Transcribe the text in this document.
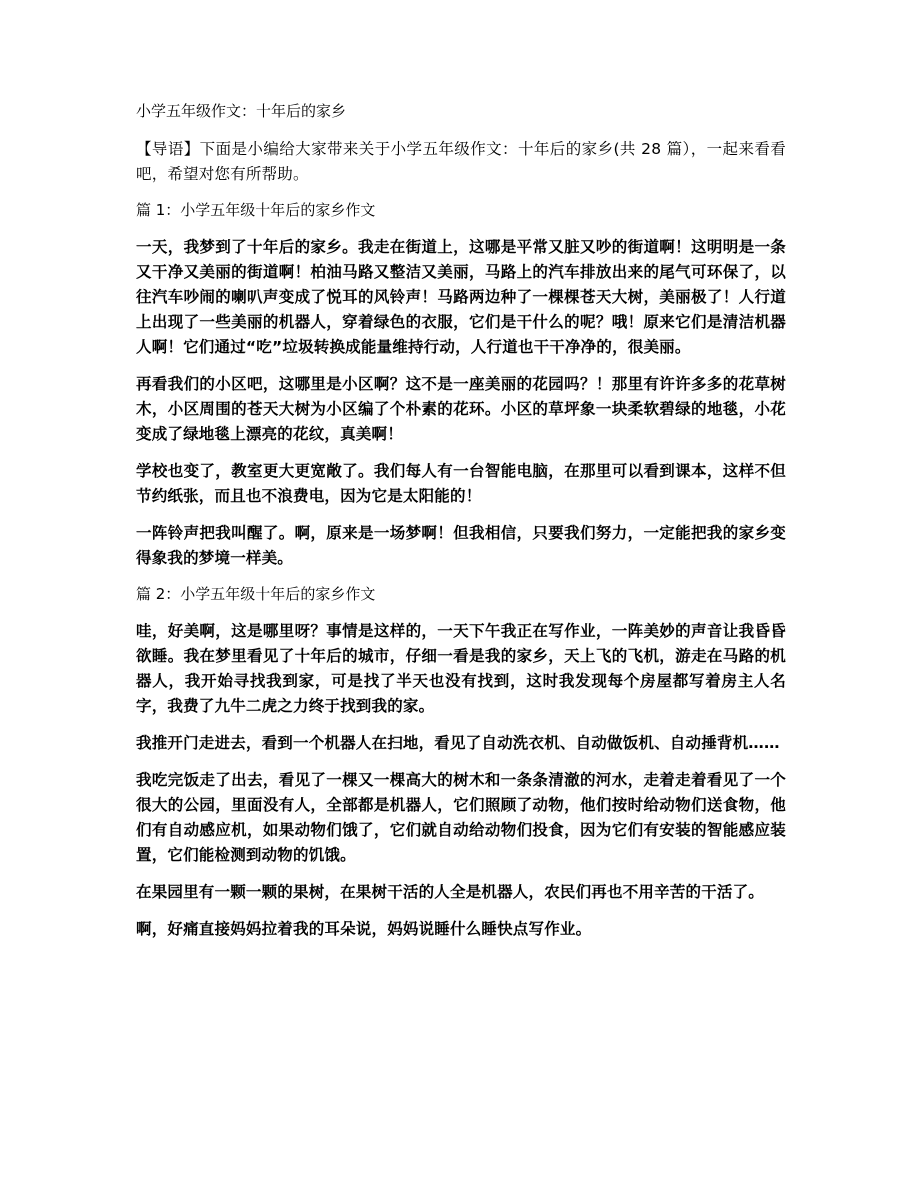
小学五年级作文：十年后的家乡

【导语】下面是小编给大家带来关于小学五年级作文：十年后的家乡(共 28 篇），一起来看看吧，希望对您有所帮助。

篇 1：小学五年级十年后的家乡作文

一天，我梦到了十年后的家乡。我走在街道上，这哪是平常又脏又吵的街道啊！这明明是一条又干净又美丽的街道啊！柏油马路又整洁又美丽，马路上的汽车排放出来的尾气可环保了，以往汽车吵闹的喇叭声变成了悦耳的风铃声！马路两边种了一棵棵苍天大树，美丽极了！人行道上出现了一些美丽的机器人，穿着绿色的衣服，它们是干什么的呢？哦！原来它们是清洁机器人啊！它们通过“吃”垃圾转换成能量维持行动，人行道也干干净净的，很美丽。

再看我们的小区吧，这哪里是小区啊？这不是一座美丽的花园吗？！那里有许许多多的花草树木，小区周围的苍天大树为小区编了个朴素的花环。小区的草坪象一块柔软碧绿的地毯，小花变成了绿地毯上漂亮的花纹，真美啊！

学校也变了，教室更大更宽敞了。我们每人有一台智能电脑，在那里可以看到课本，这样不但节约纸张，而且也不浪费电，因为它是太阳能的！

一阵铃声把我叫醒了。啊，原来是一场梦啊！但我相信，只要我们努力，一定能把我的家乡变得象我的梦境一样美。

篇 2：小学五年级十年后的家乡作文

哇，好美啊，这是哪里呀？事情是这样的，一天下午我正在写作业，一阵美妙的声音让我昏昏欲睡。我在梦里看见了十年后的城市，仔细一看是我的家乡，天上飞的飞机，游走在马路的机器人，我开始寻找我到家，可是找了半天也没有找到，这时我发现每个房屋都写着房主人名字，我费了九牛二虎之力终于找到我的家。

我推开门走进去，看到一个机器人在扫地，看见了自动洗衣机、自动做饭机、自动捶背机……

我吃完饭走了出去，看见了一棵又一棵高大的树木和一条条清澈的河水，走着走着看见了一个很大的公园，里面没有人，全部都是机器人，它们照顾了动物，他们按时给动物们送食物，他们有自动感应机，如果动物们饿了，它们就自动给动物们投食，因为它们有安装的智能感应装置，它们能检测到动物的饥饿。

在果园里有一颗一颗的果树，在果树干活的人全是机器人，农民们再也不用辛苦的干活了。

啊，好痛直接妈妈拉着我的耳朵说，妈妈说睡什么睡快点写作业。
